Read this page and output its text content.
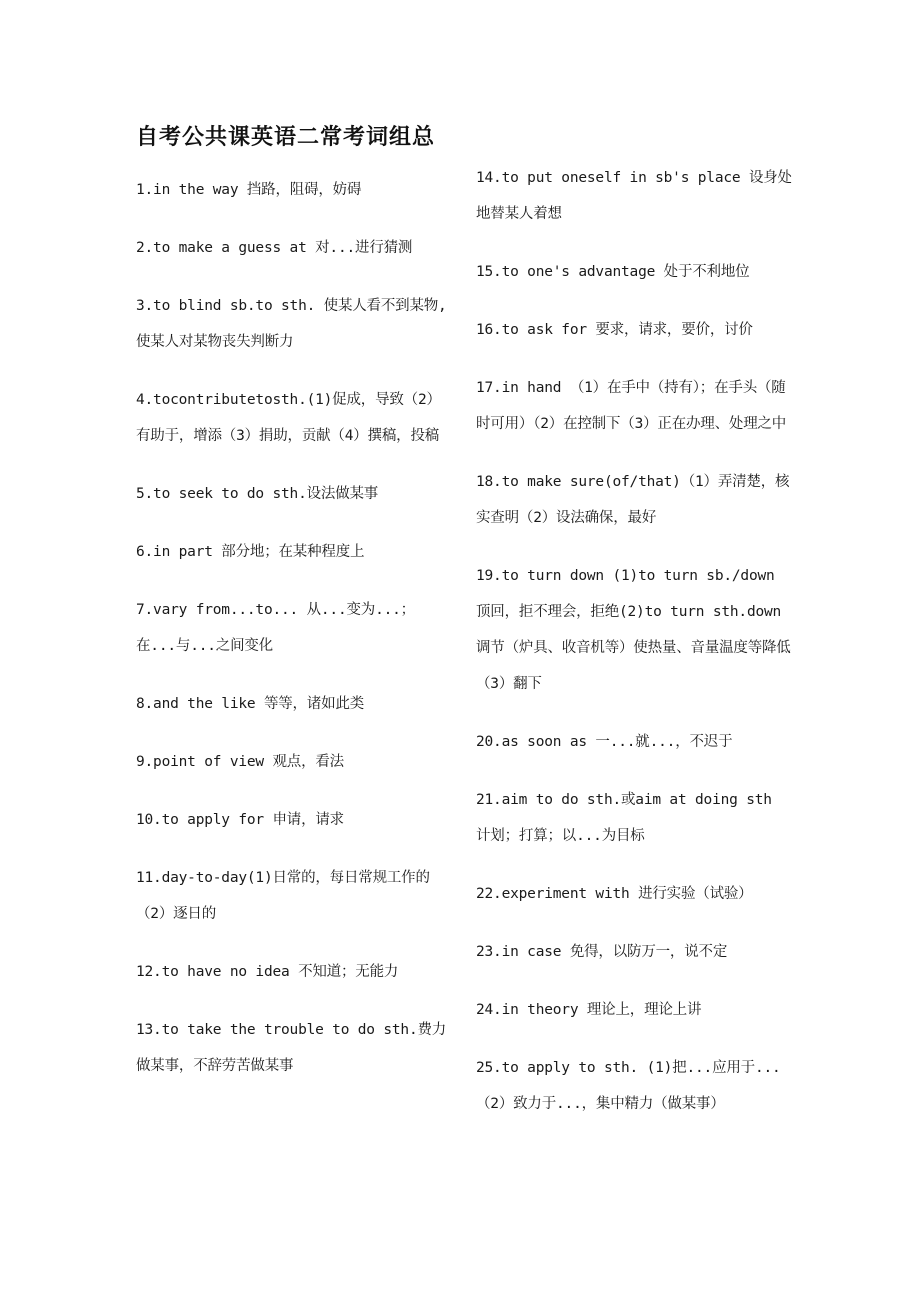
自考公共课英语二常考词组总

1.in the way 挡路，阻碍，妨碍

2.to make a guess at 对...进行猜测

3.to blind sb.to sth. 使某人看不到某物,使某人对某物丧失判断力

4.tocontributetosth.(1)促成，导致（2）有助于，增添（3）捐助，贡献（4）撰稿，投稿

5.to seek to do sth.设法做某事

6.in part 部分地；在某种程度上

7.vary from...to... 从...变为...；在...与...之间变化

8.and the like 等等，诸如此类

9.point of view 观点，看法

10.to apply for 申请，请求

11.day-to-day(1)日常的，每日常规工作的（2）逐日的

12.to have no idea 不知道；无能力

13.to take the trouble to do sth.费力做某事，不辞劳苦做某事

14.to put oneself in sb's place 设身处地替某人着想

15.to one's advantage 处于不利地位

16.to ask for 要求，请求，要价，讨价

17.in hand （1）在手中（持有）；在手头（随时可用）（2）在控制下（3）正在办理、处理之中

18.to make sure(of/that)（1）弄清楚，核实查明（2）设法确保，最好

19.to turn down (1)to turn sb./down 顶回，拒不理会，拒绝(2)to turn sth.down 调节（炉具、收音机等）使热量、音量温度等降低（3）翻下

20.as soon as 一...就...，不迟于

21.aim to do sth.或aim at doing sth 计划；打算；以...为目标

22.experiment with 进行实验（试验）

23.in case 免得，以防万一，说不定

24.in theory 理论上，理论上讲

25.to apply to sth. (1)把...应用于...（2）致力于...，集中精力（做某事）
